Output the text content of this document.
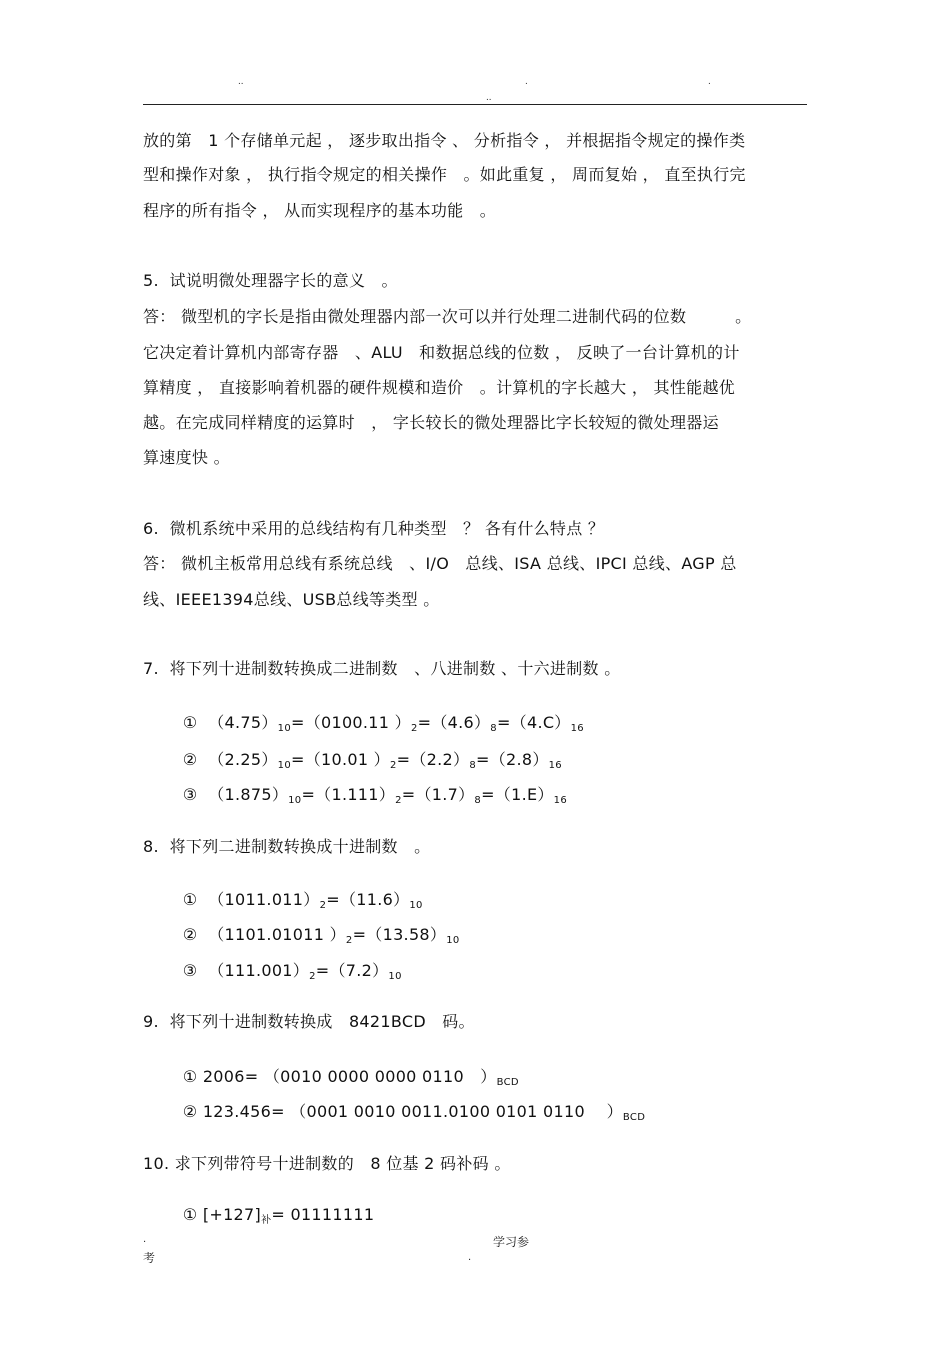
..	.	.
..
放的第　1 个存储单元起 ， 逐步取出指令 、 分析指令 ， 并根据指令规定的操作类
型和操作对象 ， 执行指令规定的相关操作　。如此重复 ， 周而复始 ， 直至执行完
程序的所有指令 ， 从而实现程序的基本功能　。
5.  试说明微处理器字长的意义　。
答： 微型机的字长是指由微处理器内部一次可以并行处理二进制代码的位数　　　。
它决定着计算机内部寄存器　、ALU　和数据总线的位数 ， 反映了一台计算机的计
算精度 ， 直接影响着机器的硬件规模和造价　。计算机的字长越大 ， 其性能越优
越。在完成同样精度的运算时　， 字长较长的微处理器比字长较短的微处理器运
算速度快 。
6.  微机系统中采用的总线结构有几种类型　？ 各有什么特点 ？
答： 微机主板常用总线有系统总线　、I/O　总线、ISA 总线、IPCI 总线、AGP 总
线、IEEE1394总线、USB总线等类型 。
7.  将下列十进制数转换成二进制数　、八进制数 、十六进制数 。

① $(4.75)_{10}=(0100.11$ ）$_2=(4.6)_8=(4.C)_{16}$

② $(2.25)_{10}=(10.01$ ）$_2=(2.2)_8=(2.8)_{16}$

③ $(1.875)_{10}=(1.111)_2=(1.7)_8=(1.E)_{16}$

8.  将下列二进制数转换成十进制数　。

① $(1011.011)_2=(11.6)_{10}$

② （1101.01011 ）$_2=(13.58)_{10}$

③ $(111.001)_2=(7.2)_{10}$

9.  将下列十进制数转换成　8421BCD　码。

① 2006= （0010 0000 0000 0110　）$_{BCD}$

② 123.456= （0001 0010 0011.0100 0101 0110　 ）$_{BCD}$

10. 求下列带符号十进制数的　8 位基 2 码补码 。

① $[+127]_补= 01111111$

.	学习参
考	.
